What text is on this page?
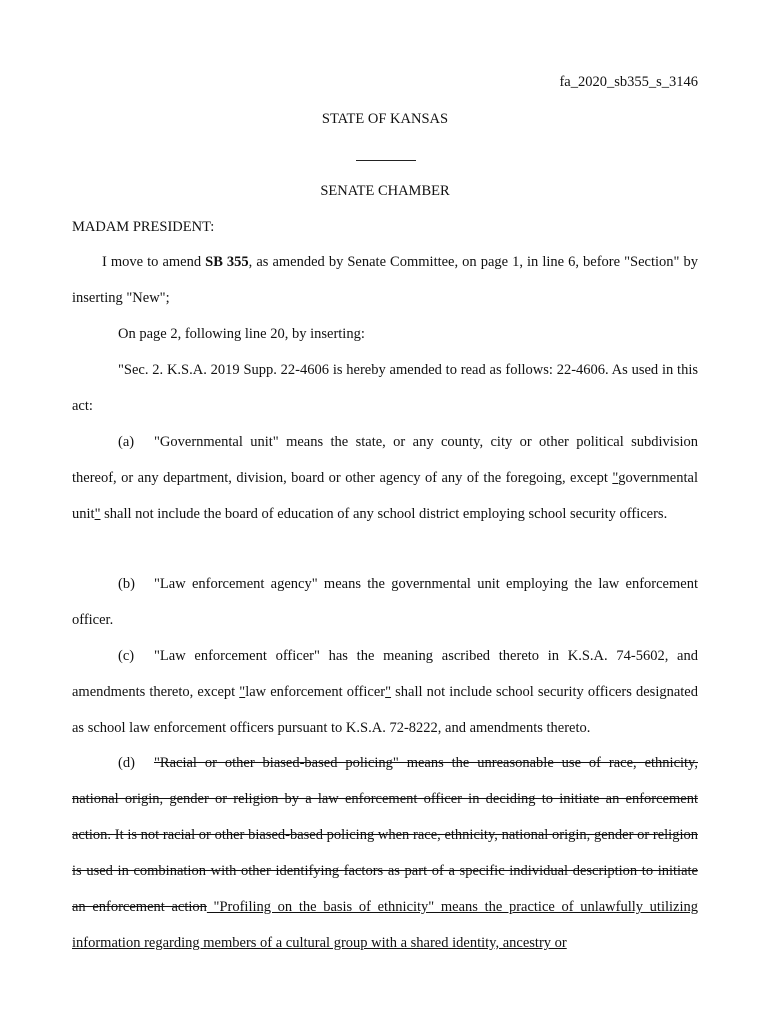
fa_2020_sb355_s_3146
STATE OF KANSAS
SENATE CHAMBER
MADAM PRESIDENT:

I move to amend SB 355, as amended by Senate Committee, on page 1, in line 6, before "Section" by inserting "New";

On page 2, following line 20, by inserting:

"Sec. 2. K.S.A. 2019 Supp. 22-4606 is hereby amended to read as follows: 22-4606. As used in this act:

(a) "Governmental unit" means the state, or any county, city or other political subdivision thereof, or any department, division, board or other agency of any of the foregoing, except "governmental unit" shall not include the board of education of any school district employing school security officers.

(b) "Law enforcement agency" means the governmental unit employing the law enforcement officer.

(c) "Law enforcement officer" has the meaning ascribed thereto in K.S.A. 74-5602, and amendments thereto, except "law enforcement officer" shall not include school security officers designated as school law enforcement officers pursuant to K.S.A. 72-8222, and amendments thereto.

(d) "Racial or other biased-based policing" means the unreasonable use of race, ethnicity, national origin, gender or religion by a law enforcement officer in deciding to initiate an enforcement action. It is not racial or other biased-based policing when race, ethnicity, national origin, gender or religion is used in combination with other identifying factors as part of a specific individual description to initiate an enforcement action "Profiling on the basis of ethnicity" means the practice of unlawfully utilizing information regarding members of a cultural group with a shared identity, ancestry or
